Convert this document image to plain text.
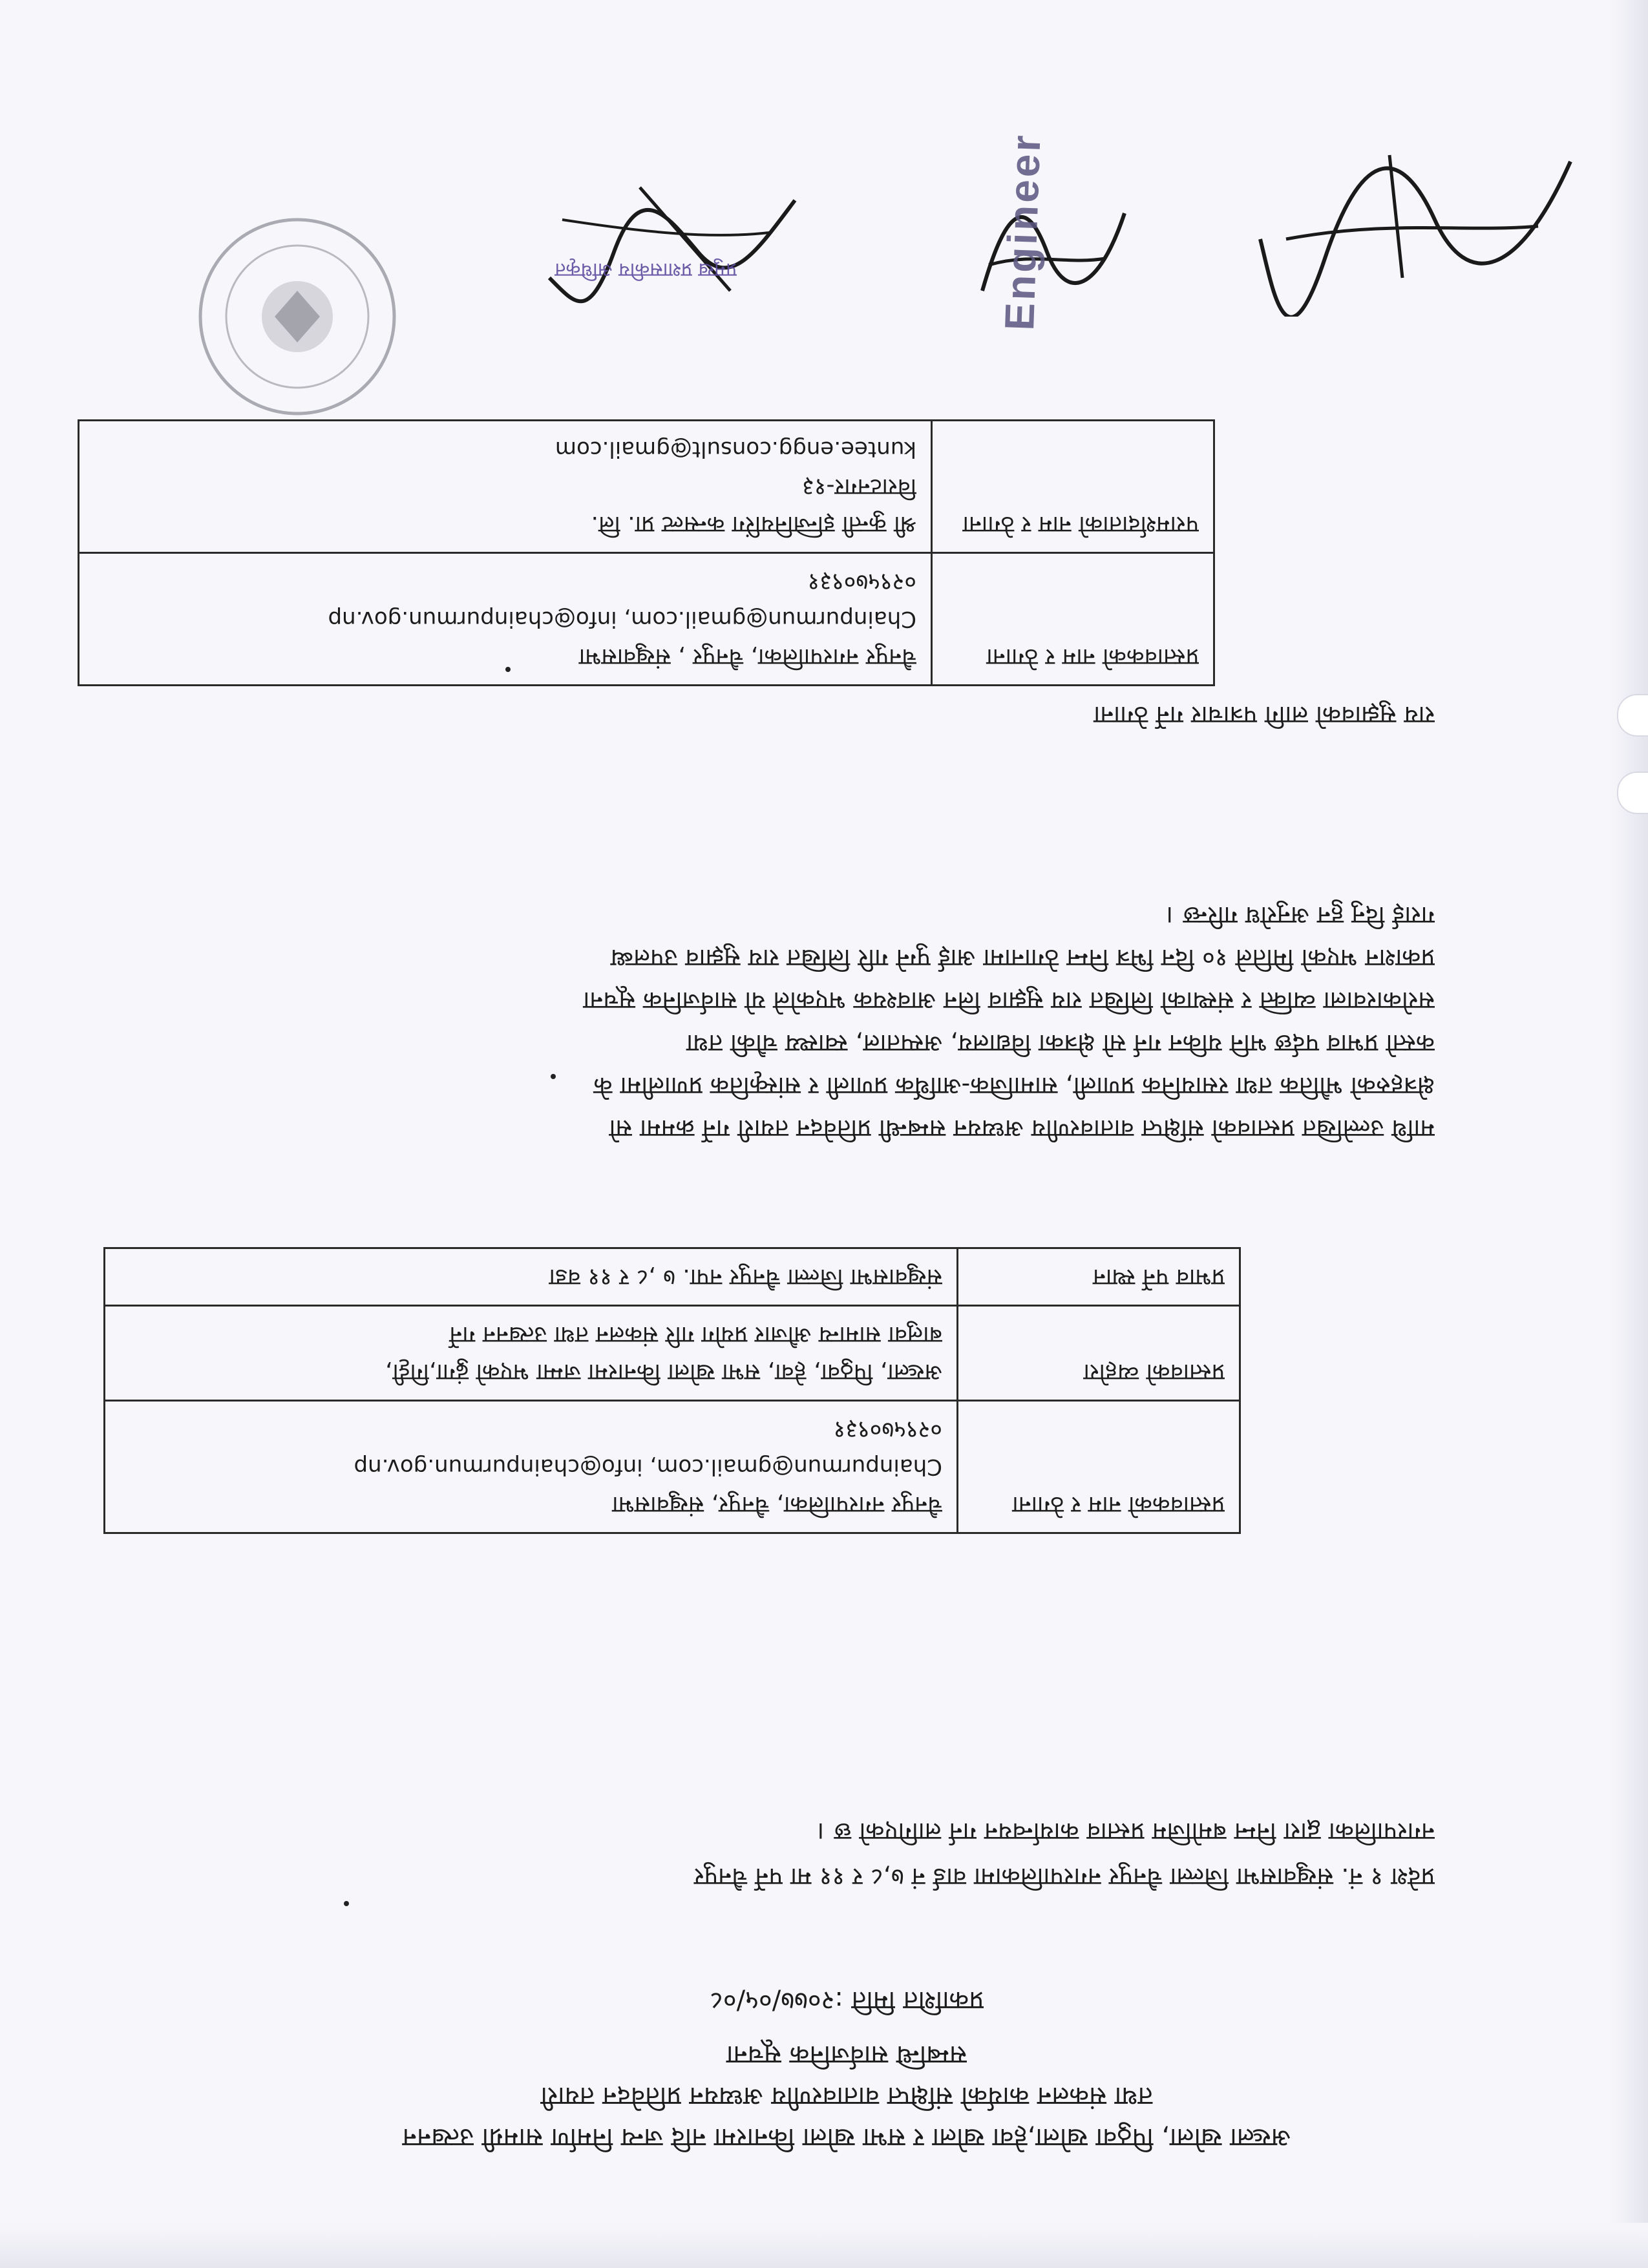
अख्ला खोला, पिठुवा खोला,हेवा खोला र सभा खोला किनारमा नदि जन्य निर्माण सामग्री उत्खनन
तथा संकलन कार्यको संक्षिप्त वातावरणीय अध्ययन प्रतिवेदन तयारी
सम्बन्धि सार्वजनिक सूचना
प्रकाशित मिति :२०७७/०५/०८
प्रदेश १ नं. संखुवासभा जिल्ला चैनपुर नगरपालिकामा वार्ड नं ७,८ र ११ मा पर्ने चैनपुर
नगरपालिका द्वारा निम्न बमोजिम प्रस्ताव कार्यान्वयन गर्न लागिएको छ ।
प्रस्तावकको नाम र ठेगाना	चैनपुर नगरपालिका, चैनपुर, संखुवासभा
Chainpurmun@gmail.com, info@chainpurmun.gov.np
०२९५७०९३१

प्रस्तावको व्यहोरा	अख्ला, पिठुवा, हेवा, सभा खोला किनारमा जम्मा भएको ढुंगा,गिट्टी,
बालुवा सामान्य औजार प्रयोग गरि संकलन तथा उत्खनन गर्ने

प्रभाव पर्ने स्थान	संखुवासभा जिल्ला चैनपुर नपा. ७ ,८ र ११ वडा
माथि उल्लेखित प्रस्तावको संक्षिप्त वातावरणीय अध्ययन सम्बन्धी प्रतिवेदन तयारी गर्ने क्रममा सो
क्षेत्रहरुको भौतिक तथा रसायनिक प्रणाली, सामाजिक-आर्थिक प्रणाली र सांस्कृतिक प्रणालीमा के
कस्तो प्रभाव पर्दछ भनि यकिन गर्न सो क्षेत्रका विद्यालय, अस्पताल, स्वास्थ्य चौकी तथा
सरोकारवाला व्यक्ति र संस्थाको लिखित राय सुझाव लिन आवश्यक भएकोले यो सार्वजनिक सूचना
प्रकाशन भएको मितिले १० दिन भित्र निम्न ठेगानामा आई पुग्ने गरि लिखित राय सुझाव उपलब्ध
गराई दिनु हुन अनुरोध गरिन्छ ।
राय सुझावको लागि पत्राचार गर्ने ठेगाना
प्रस्तावकको नाम र ठेगाना	चैनपुर नगरपालिका, चैनपुर , संखुवासभा
Chainpurmun@gmail.com, info@chainpurmun.gov.np
०२९५७०९३१

परामर्शदाताको नाम र ठेगाना	श्री कुन्ती इन्जिनियरिंग कन्सल्ट प्रा. लि.
विराटनगर-१३
kuntee.engg.consult@gmail.com
Engineer
प्रमुख प्रशासकीय अधिकृत
